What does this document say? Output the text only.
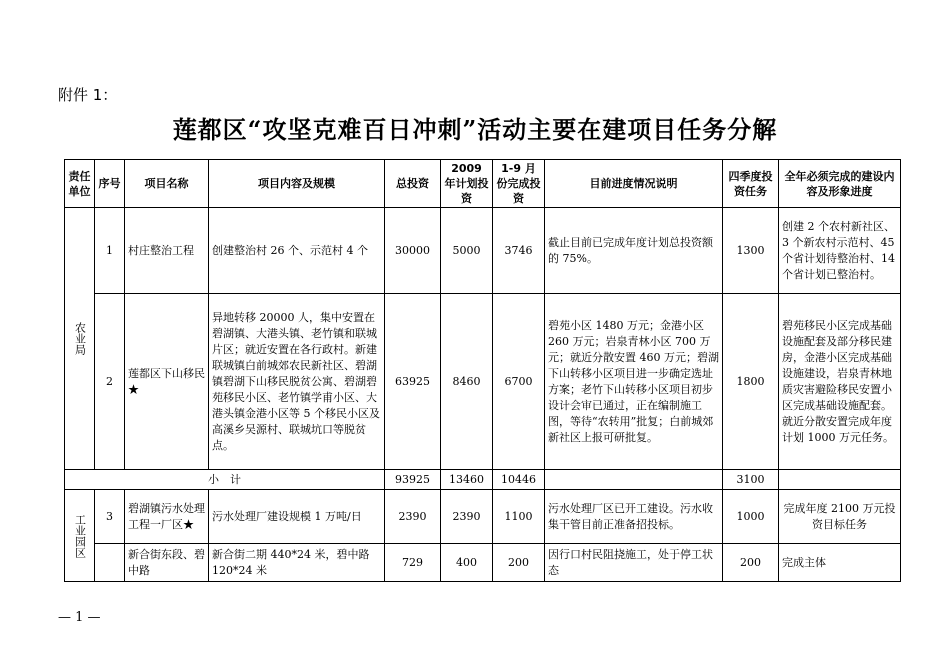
附件 1：
莲都区“攻坚克难百日冲刺”活动主要在建项目任务分解
责任单位	序号	项目名称	项目内容及规模	总投资	2009 年计划投资	1-9 月份完成投资	目前进度情况说明	四季度投资任务	全年必须完成的建设内容及形象进度
农业局	1	村庄整治工程	创建整治村 26 个、示范村 4 个	30000	5000	3746	截止目前已完成年度计划总投资额的 75%。	1300	创建 2 个农村新社区、3 个新农村示范村、45 个省计划待整治村、14 个省计划已整治村。
	2	莲都区下山移民★	异地转移 20000 人，集中安置在碧湖镇、大港头镇、老竹镇和联城片区；就近安置在各行政村。新建联城镇白前城郊农民新社区、碧湖镇碧湖下山移民脱贫公寓、碧湖碧苑移民小区、老竹镇学甫小区、大港头镇金港小区等 5 个移民小区及高溪乡吴源村、联城坑口等脱贫点。	63925	8460	6700	碧苑小区 1480 万元；金港小区 260 万元；岩泉青林小区 700 万元；就近分散安置 460 万元；碧湖下山转移小区项目进一步确定选址方案；老竹下山转移小区项目初步设计会审已通过，正在编制施工图，等待“农转用”批复；白前城郊新社区上报可研批复。	1800	碧苑移民小区完成基础设施配套及部分移民建房，金港小区完成基础设施建设，岩泉青林地质灾害避险移民安置小区完成基础设施配套。就近分散安置完成年度计划 1000 万元任务。
小　计				93925	13460	10446		3100	
工业园区	3	碧湖镇污水处理工程一厂区★	污水处理厂建设规模 1 万吨/日	2390	2390	1100	污水处理厂区已开工建设。污水收集干管目前正准备招投标。	1000	完成年度 2100 万元投资目标任务
		新合街东段、碧中路	新合街二期 440*24 米，碧中路 120*24 米	729	400	200	因行口村民阻挠施工，处于停工状态	200	完成主体
— 1 —
